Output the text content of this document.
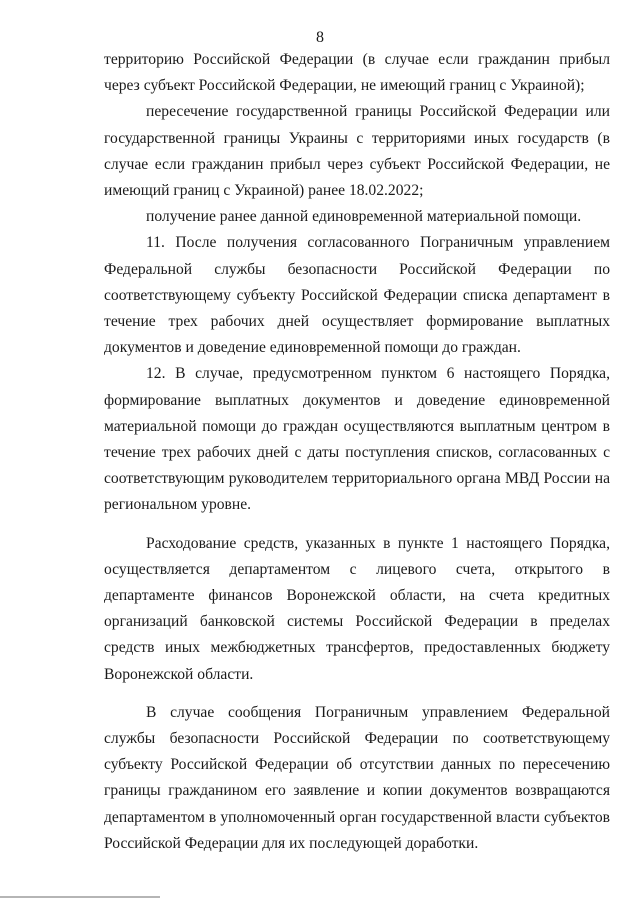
8

территорию Российской Федерации (в случае если гражданин прибыл через субъект Российской Федерации, не имеющий границ с Украиной);

пересечение государственной границы Российской Федерации или государственной границы Украины с территориями иных государств (в случае если гражданин прибыл через субъект Российской Федерации, не имеющий границ с Украиной) ранее 18.02.2022;

получение ранее данной единовременной материальной помощи.

11. После получения согласованного Пограничным управлением Федеральной службы безопасности Российской Федерации по соответствующему субъекту Российской Федерации списка департамент в течение трех рабочих дней осуществляет формирование выплатных документов и доведение единовременной помощи до граждан.

12. В случае, предусмотренном пунктом 6 настоящего Порядка, формирование выплатных документов и доведение единовременной материальной помощи до граждан осуществляются выплатным центром в течение трех рабочих дней с даты поступления списков, согласованных с соответствующим руководителем территориального органа МВД России на региональном уровне.

Расходование средств, указанных в пункте 1 настоящего Порядка, осуществляется департаментом с лицевого счета, открытого в департаменте финансов Воронежской области, на счета кредитных организаций банковской системы Российской Федерации в пределах средств иных межбюджетных трансфертов, предоставленных бюджету Воронежской области.

В случае сообщения Пограничным управлением Федеральной службы безопасности Российской Федерации по соответствующему субъекту Российской Федерации об отсутствии данных по пересечению границы гражданином его заявление и копии документов возвращаются департаментом в уполномоченный орган государственной власти субъектов Российской Федерации для их последующей доработки.
